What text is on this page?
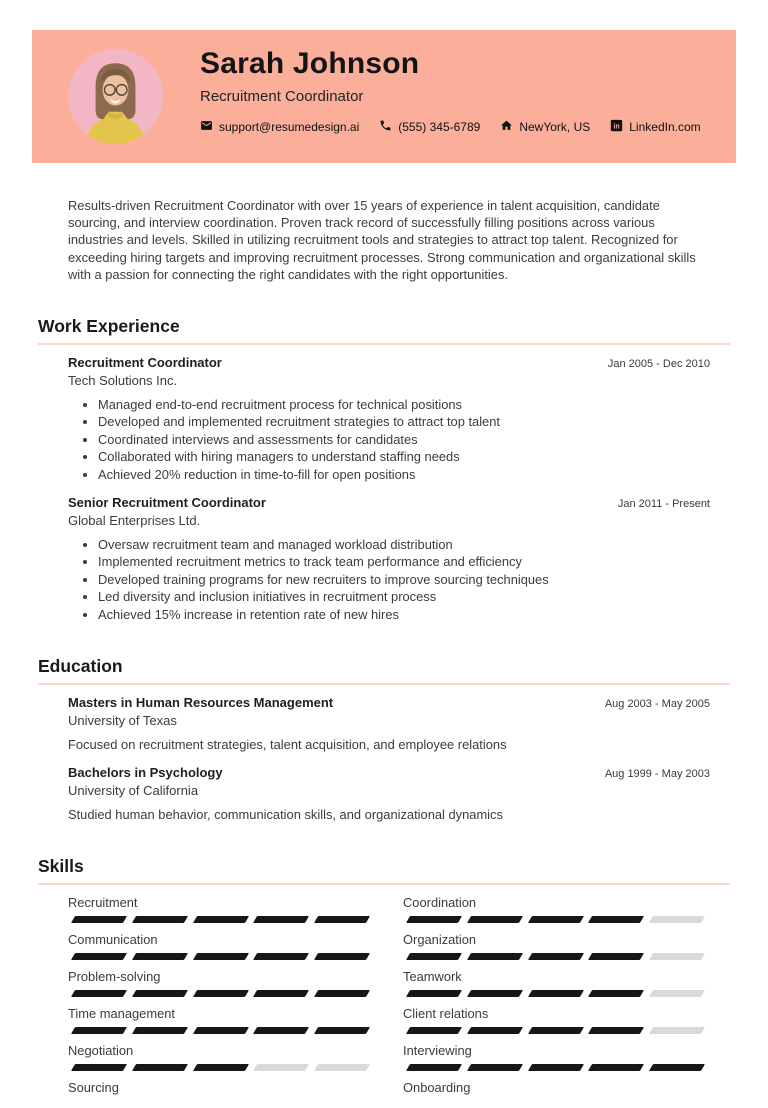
Sarah Johnson
Recruitment Coordinator
support@resumedesign.ai	(555) 345-6789	NewYork, US in LinkedIn.com

Results-driven Recruitment Coordinator with over 15 years of experience in talent acquisition, candidate sourcing, and interview coordination. Proven track record of successfully filling positions across various industries and levels. Skilled in utilizing recruitment tools and strategies to attract top talent. Recognized for exceeding hiring targets and improving recruitment processes. Strong communication and organizational skills with a passion for connecting the right candidates with the right opportunities.

Work Experience
Recruitment Coordinator
Tech Solutions Inc.
Jan 2005 - Dec 2010
• Managed end-to-end recruitment process for technical positions
• Developed and implemented recruitment strategies to attract top talent
• Coordinated interviews and assessments for candidates
• Collaborated with hiring managers to understand staffing needs
• Achieved 20% reduction in time-to-fill for open positions
Senior Recruitment Coordinator
Global Enterprises Ltd.
Jan 2011 - Present
• Oversaw recruitment team and managed workload distribution
• Implemented recruitment metrics to track team performance and efficiency
• Developed training programs for new recruiters to improve sourcing techniques
• Led diversity and inclusion initiatives in recruitment process
• Achieved 15% increase in retention rate of new hires
Education
Masters in Human Resources Management
University of Texas
Aug 2003 - May 2005
Focused on recruitment strategies, talent acquisition, and employee relations
Bachelors in Psychology
University of California
Aug 1999 - May 2003
Studied human behavior, communication skills, and organizational dynamics
Skills
Recruitment	Coordination
Communication	Organization
Problem-solving	Teamwork
Time management	Client relations
Negotiation	Interviewing
Sourcing	Onboarding
